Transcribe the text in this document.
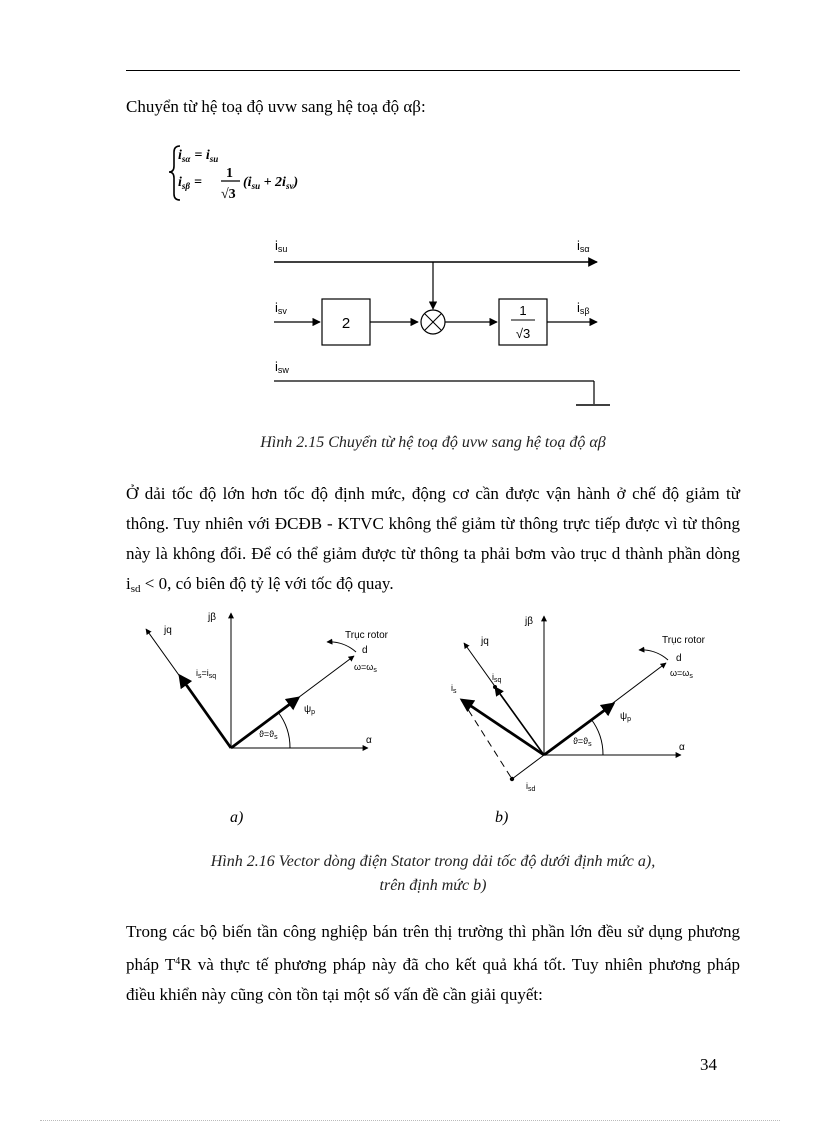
Chuyển từ hệ toạ độ uvw sang hệ toạ độ αβ:
$i_{s\alpha} = i_{su}$
$i_{s\beta}$ =
1
√3
$(i_{su} + 2i_{sv})$
2
1
√3
isu
isv
isw
isα
isβ
Hình 2.15 Chuyển từ hệ toạ độ uvw sang hệ toạ độ αβ
Ở dải tốc độ lớn hơn tốc độ định mức, động cơ cần được vận hành ở chế độ giảm từ thông. Tuy nhiên với ĐCĐB - KTVC không thể giảm từ thông trực tiếp được vì từ thông này là không đổi. Để có thể giảm được từ thông ta phải bơm vào trục d thành phần dòng $i_{sd} < 0$, có biên độ tỷ lệ với tốc độ quay.
jβ
jq
α
Trục rotor
d
$\omega=\omega_s$
$\psi_p$
$ϑ=ϑ_s$
$i_s=i_{sq}$
jβ
jq
α
Trục rotor
d
$\omega=\omega_s$
$\psi_p$
$ϑ=ϑ_s$
$i_s$
$i_{sq}$
$i_{sd}$
a)	b)
Hình 2.16 Vector dòng điện Stator trong dải tốc độ dưới định mức a),
trên định mức b)
Trong các bộ biến tần công nghiệp bán trên thị trường thì phần lớn đều sử dụng phương pháp $T^4R$ và thực tế phương pháp này đã cho kết quả khá tốt. Tuy nhiên phương pháp điều khiển này cũng còn tồn tại một số vấn đề cần giải quyết:
34
